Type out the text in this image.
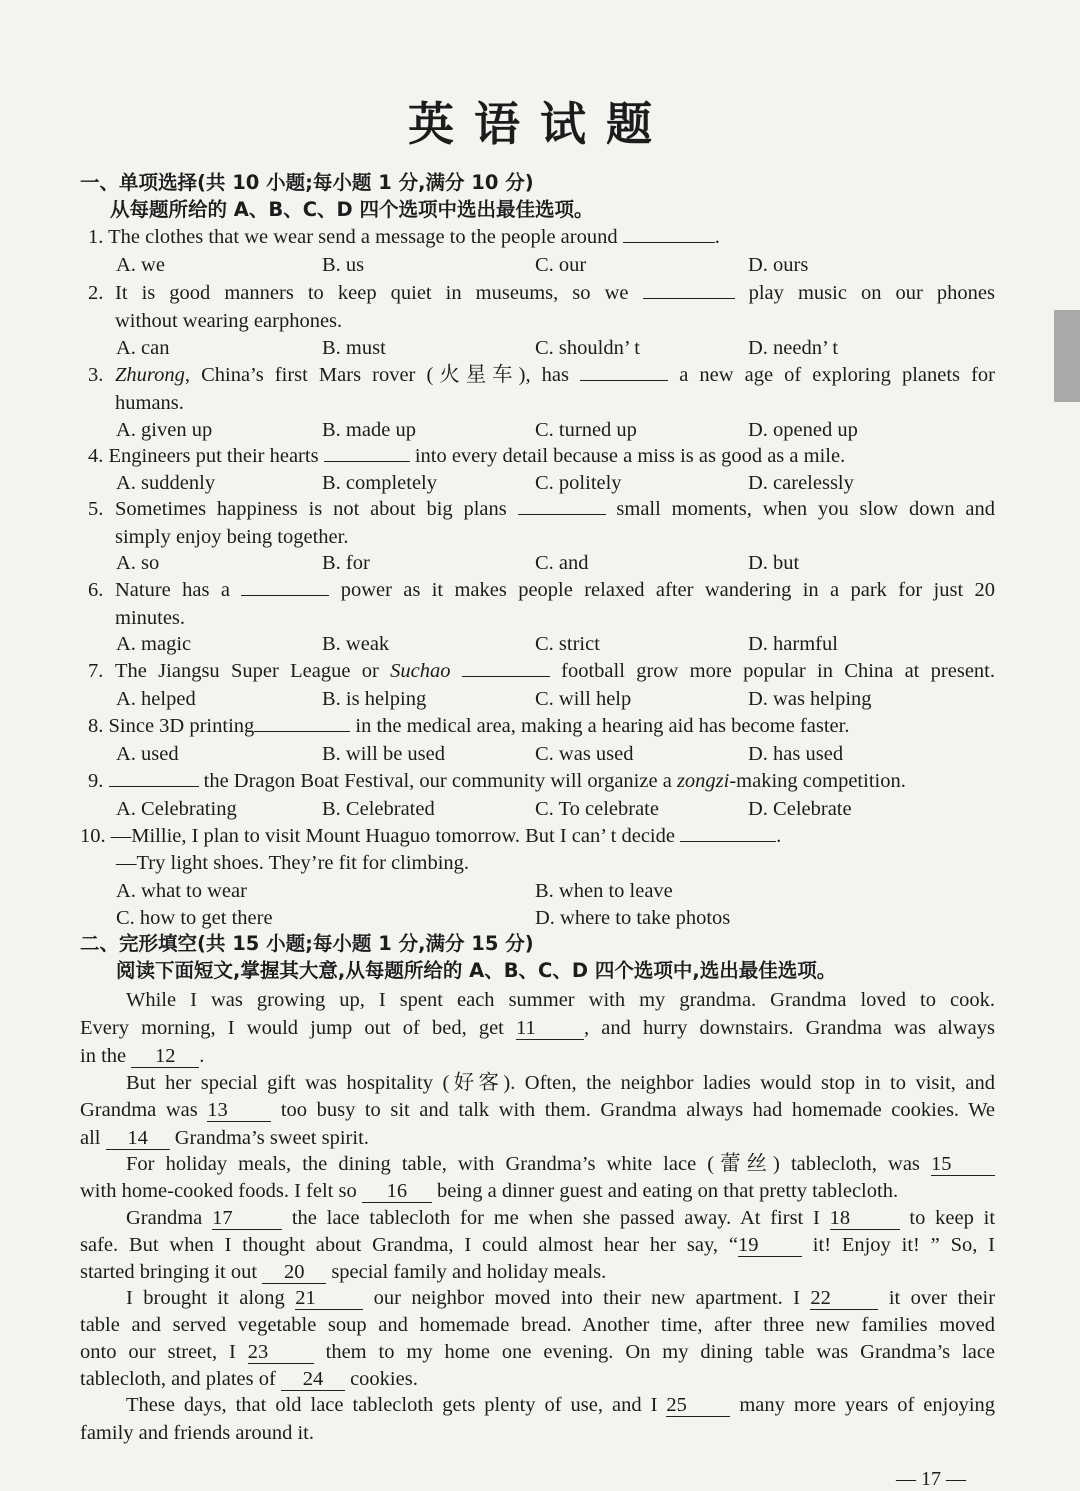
英语试题
一、单项选择(共 10 小题;每小题 1 分,满分 10 分)
从每题所给的 A、B、C、D 四个选项中选出最佳选项。
1. The clothes that we wear send a message to the people around	.
A. we	B. us	C. our	D. ours
2. It is good manners to keep quiet in museums, so we	play music on our phones
without wearing earphones.
A. can	B. must	C. shouldn’ t	D. needn’ t
3. Zhurong, China’s first Mars rover (火星车), has	a new age of exploring planets for
humans.
A. given up	B. made up	C. turned up	D. opened up
4. Engineers put their hearts	into every detail because a miss is as good as a mile.
A. suddenly	B. completely	C. politely	D. carelessly
5. Sometimes happiness is not about big plans	small moments, when you slow down and
simply enjoy being together.
A. so	B. for	C. and	D. but
6. Nature has a	power as it makes people relaxed after wandering in a park for just 20
minutes.
A. magic	B. weak	C. strict	D. harmful
7. The Jiangsu Super League or Suchao	football grow more popular in China at present.
A. helped	B. is helping	C. will help	D. was helping
8. Since 3D printing	in the medical area, making a hearing aid has become faster.
A. used	B. will be used	C. was used	D. has used
9.	the Dragon Boat Festival, our community will organize a zongzi-making competition.
A. Celebrating	B. Celebrated	C. To celebrate	D. Celebrate
10. —Millie, I plan to visit Mount Huaguo tomorrow. But I can’ t decide	.
—Try light shoes. They’re fit for climbing.
A. what to wear	B. when to leave
C. how to get there	D. where to take photos
二、完形填空(共 15 小题;每小题 1 分,满分 15 分)
阅读下面短文,掌握其大意,从每题所给的 A、B、C、D 四个选项中,选出最佳选项。
While I was growing up, I spent each summer with my grandma. Grandma loved to cook.
Every morning, I would jump out of bed, get 11 , and hurry downstairs. Grandma was always
in the 12 .
But her special gift was hospitality (好客). Often, the neighbor ladies would stop in to visit, and
Grandma was 13	too busy to sit and talk with them. Grandma always had homemade cookies. We
all 14 Grandma’s sweet spirit.
For holiday meals, the dining table, with Grandma’s white lace (蕾丝) tablecloth, was 15
with home-cooked foods. I felt so 16 being a dinner guest and eating on that pretty tablecloth.
Grandma 17	the lace tablecloth for me when she passed away. At first I 18	to keep it
safe. But when I thought about Grandma, I could almost hear her say, “19	it! Enjoy it! ” So, I
started bringing it out 20 special family and holiday meals.
I brought it along 21	our neighbor moved into their new apartment. I 22	it over their
table and served vegetable soup and homemade bread. Another time, after three new families moved
onto our street, I 23	them to my home one evening. On my dining table was Grandma’s lace
tablecloth, and plates of 24 cookies.
These days, that old lace tablecloth gets plenty of use, and I 25	many more years of enjoying
family and friends around it.
— 17 —
